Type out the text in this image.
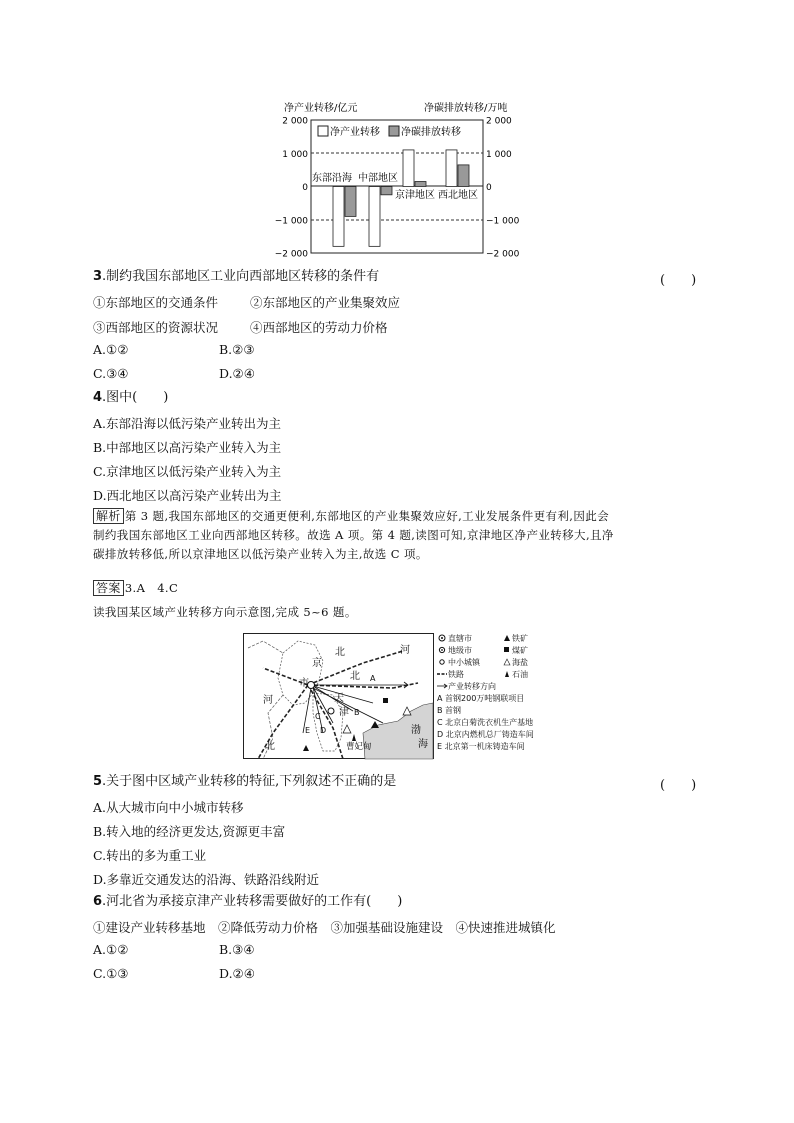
净产业转移/亿元	净碳排放转移/万吨
2 000	2 000
1 000	1 000
0	0
−1 000	−1 000
−2 000	−2 000
净产业转移 净碳排放转移
东部沿海 中部地区
京津地区 西北地区
3.制约我国东部地区工业向西部地区转移的条件有	(　　)
①东部地区的交通条件	②东部地区的产业集聚效应
③西部地区的资源状况	④西部地区的劳动力价格
A.①②	B.②③
C.③④	D.②④
4.图中(　　)
A.东部沿海以低污染产业转出为主
B.中部地区以高污染产业转入为主
C.京津地区以低污染产业转入为主
D.西北地区以高污染产业转出为主
解析 第 3 题,我国东部地区的交通更便利,东部地区的产业集聚效应好,工业发展条件更有利,因此会
制约我国东部地区工业向西部地区转移。故选 A 项。第 4 题,读图可知,京津地区净产业转移大,且净
碳排放转移低,所以京津地区以低污染产业转入为主,故选 C 项。
答案 3.A　4.C
读我国某区域产业转移方向示意图,完成 5~6 题。
河
北
北
京
市
天
津
河
北	曹妃甸
渤
海
A
B
C
D
E
直辖市	铁矿
地级市	煤矿
中小城镇	海盐
铁路	石油
产业转移方向
A 首钢200万吨钢联项目
B 首钢
C 北京白菊洗衣机生产基地
D 北京内燃机总厂铸造车间
E 北京第一机床铸造车间
5.关于图中区域产业转移的特征,下列叙述不正确的是	(　　)
A.从大城市向中小城市转移
B.转入地的经济更发达,资源更丰富
C.转出的多为重工业
D.多靠近交通发达的沿海、铁路沿线附近
6.河北省为承接京津产业转移需要做好的工作有(　　)
①建设产业转移基地　②降低劳动力价格　③加强基础设施建设　④快速推进城镇化
A.①②	B.③④
C.①③	D.②④
